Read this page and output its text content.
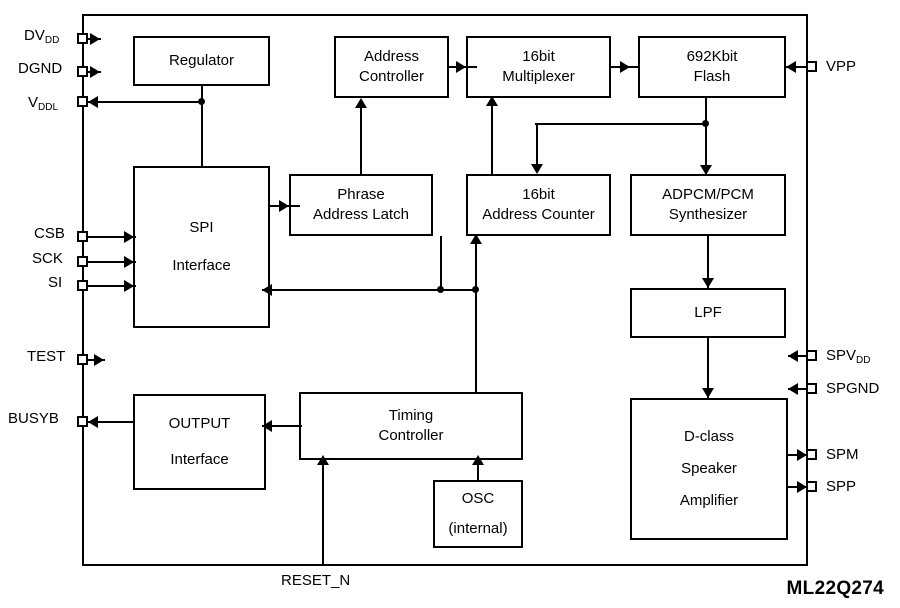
Regulator	Address
Controller
16bit
Multiplexer
692Kbit
Flash
SPI
Interface
Phrase
Address Latch
16bit
Address Counter
ADPCM/PCM
Synthesizer
LPF
OUTPUT
Interface
Timing
Controller
OSC
(internal)
D-class
Speaker
Amplifier
$DV_{DD}$
DGND
$V_{DDL}$
CSB
SCK
SI
TEST
BUSYB
VPP
$SPV_{DD}$
SPGND
SPM
SPP
RESET_N	ML22Q274
